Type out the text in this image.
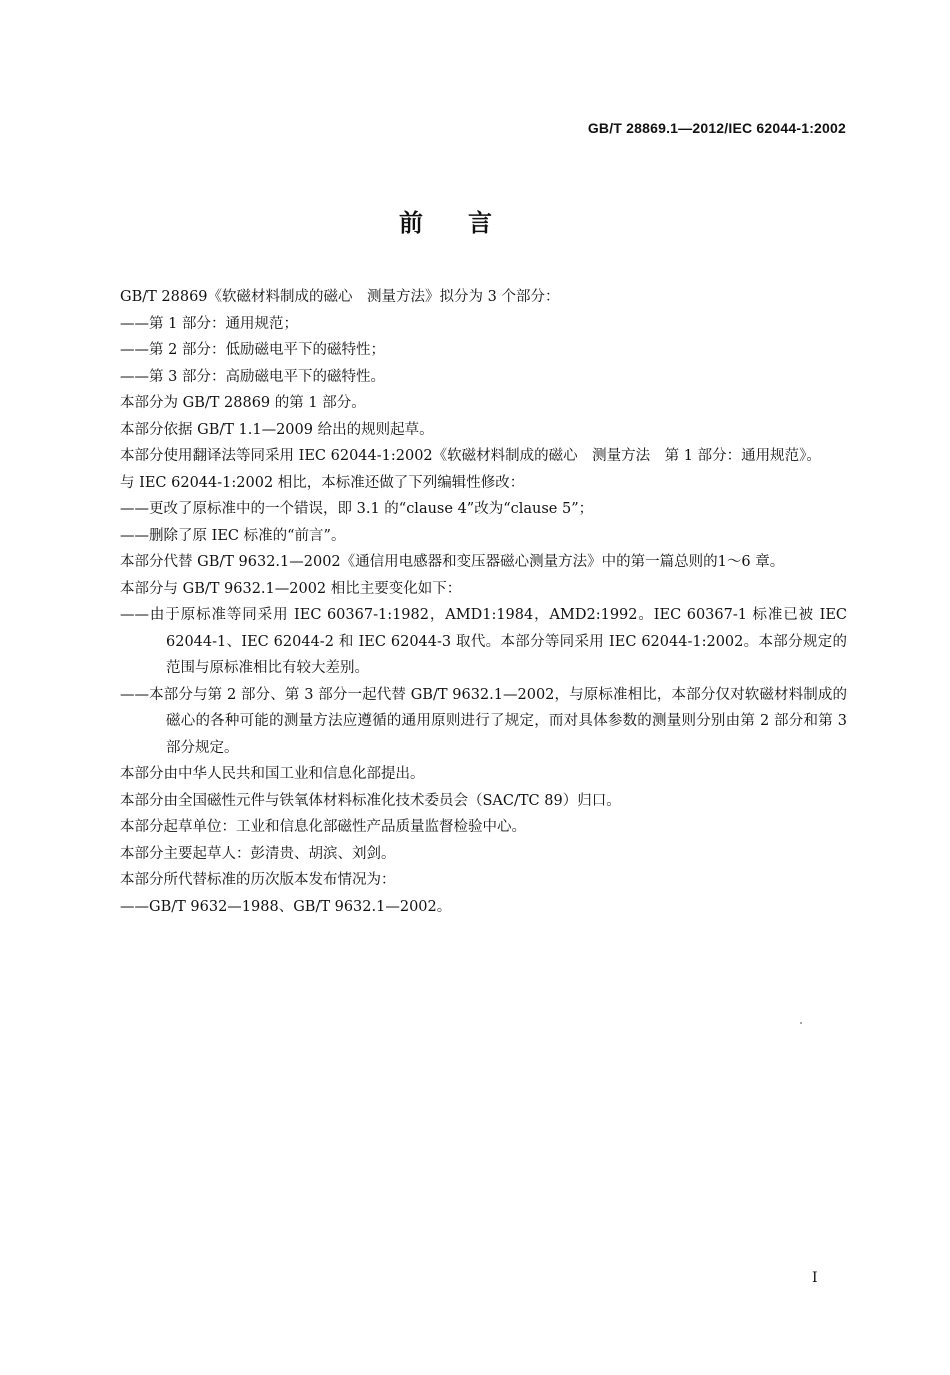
GB/T 28869.1—2012/IEC 62044-1:2002
前言

GB/T 28869《软磁材料制成的磁心　测量方法》拟分为 3 个部分：

——第 1 部分：通用规范；

——第 2 部分：低励磁电平下的磁特性；

——第 3 部分：高励磁电平下的磁特性。

本部分为 GB/T 28869 的第 1 部分。

本部分依据 GB/T 1.1—2009 给出的规则起草。

本部分使用翻译法等同采用 IEC 62044-1:2002《软磁材料制成的磁心　测量方法　第 1 部分：通用规范》。

与 IEC 62044-1:2002 相比，本标准还做了下列编辑性修改：

——更改了原标准中的一个错误，即 3.1 的“clause 4”改为“clause 5”；

——删除了原 IEC 标准的“前言”。

本部分代替 GB/T 9632.1—2002《通信用电感器和变压器磁心测量方法》中的第一篇总则的1～6 章。

本部分与 GB/T 9632.1—2002 相比主要变化如下：

——由于原标准等同采用 IEC 60367-1:1982，AMD1:1984，AMD2:1992。IEC 60367-1 标准已被 IEC 62044-1、IEC 62044-2 和 IEC 62044-3 取代。本部分等同采用 IEC 62044-1:2002。本部分规定的范围与原标准相比有较大差别。

——本部分与第 2 部分、第 3 部分一起代替 GB/T 9632.1—2002，与原标准相比，本部分仅对软磁材料制成的磁心的各种可能的测量方法应遵循的通用原则进行了规定，而对具体参数的测量则分别由第 2 部分和第 3 部分规定。

本部分由中华人民共和国工业和信息化部提出。

本部分由全国磁性元件与铁氧体材料标准化技术委员会（SAC/TC 89）归口。

本部分起草单位：工业和信息化部磁性产品质量监督检验中心。

本部分主要起草人：彭清贵、胡滨、刘剑。

本部分所代替标准的历次版本发布情况为：

——GB/T 9632—1988、GB/T 9632.1—2002。

I
